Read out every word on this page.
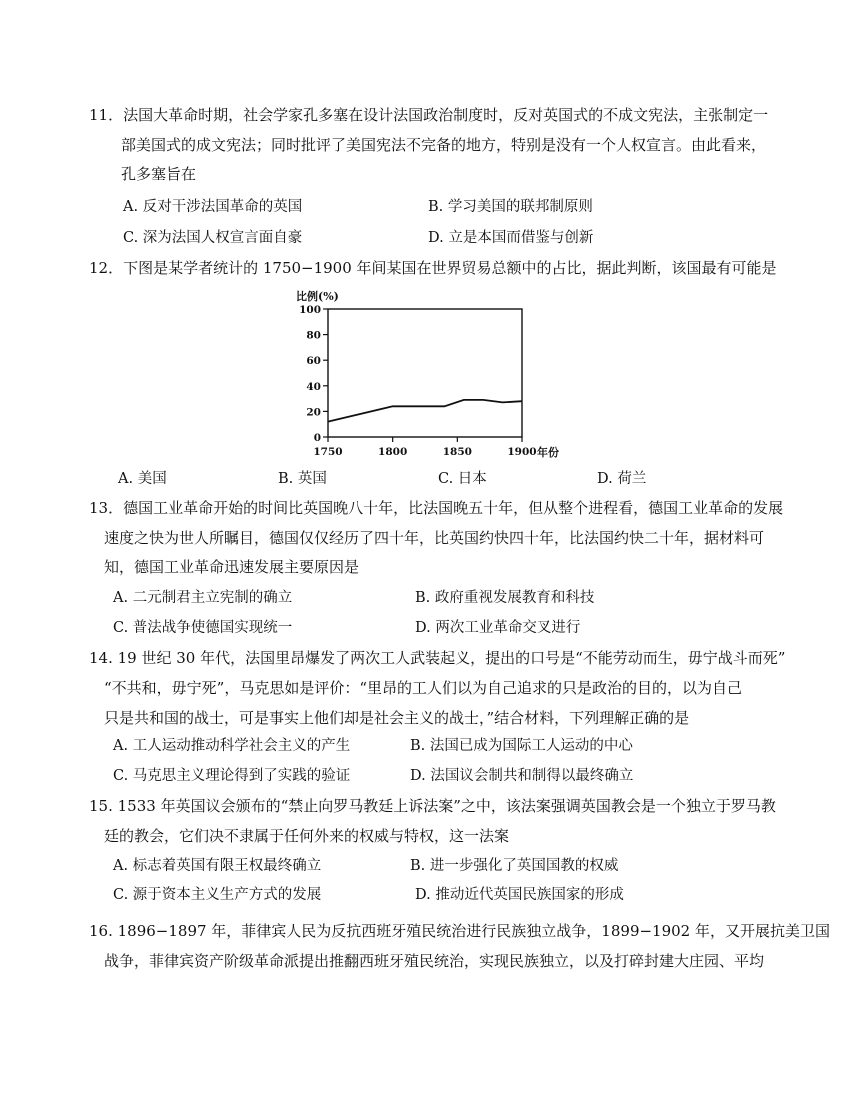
11．法国大革命时期，社会学家孔多塞在设计法国政治制度时，反对英国式的不成文宪法，主张制定一
部美国式的成文宪法；同时批评了美国宪法不完备的地方，特别是没有一个人权宣言。由此看来，
孔多塞旨在
A. 反对干涉法国革命的英国	B. 学习美国的联邦制原则
C. 深为法国人权宣言面自豪	D. 立是本国而借鉴与创新
12．下图是某学者统计的 1750−1900 年间某国在世界贸易总额中的占比，据此判断，该国最有可能是
比例(%)
0
20
40
60
80
100
1750	1800	1850	1900 年份
A. 美国	B. 英国	C. 日本	D. 荷兰
13．德国工业革命开始的时间比英国晚八十年，比法国晚五十年，但从整个进程看，德国工业革命的发展
速度之快为世人所瞩目，德国仅仅经历了四十年，比英国约快四十年，比法国约快二十年，据材料可
知，德国工业革命迅速发展主要原因是
A. 二元制君主立宪制的确立	B. 政府重视发展教育和科技
C. 普法战争使德国实现统一	D. 两次工业革命交叉进行
14. 19 世纪 30 年代，法国里昂爆发了两次工人武装起义，提出的口号是“不能劳动而生，毋宁战斗而死”
“不共和，毋宁死”，马克思如是评价：“里昂的工人们以为自己追求的只是政治的目的，以为自己
只是共和国的战士，可是事实上他们却是社会主义的战士，”结合材料，下列理解正确的是
A. 工人运动推动科学社会主义的产生	B. 法国已成为国际工人运动的中心
C. 马克思主义理论得到了实践的验证	D. 法国议会制共和制得以最终确立
15. 1533 年英国议会颁布的“禁止向罗马教廷上诉法案”之中，该法案强调英国教会是一个独立于罗马教
廷的教会，它们决不隶属于任何外来的权威与特权，这一法案
A. 标志着英国有限王权最终确立	B. 进一步强化了英国国教的权威
C. 源于资本主义生产方式的发展	D. 推动近代英国民族国家的形成
16. 1896−1897 年，菲律宾人民为反抗西班牙殖民统治进行民族独立战争，1899−1902 年，又开展抗美卫国
战争，菲律宾资产阶级革命派提出推翻西班牙殖民统治，实现民族独立，以及打碎封建大庄园、平均
